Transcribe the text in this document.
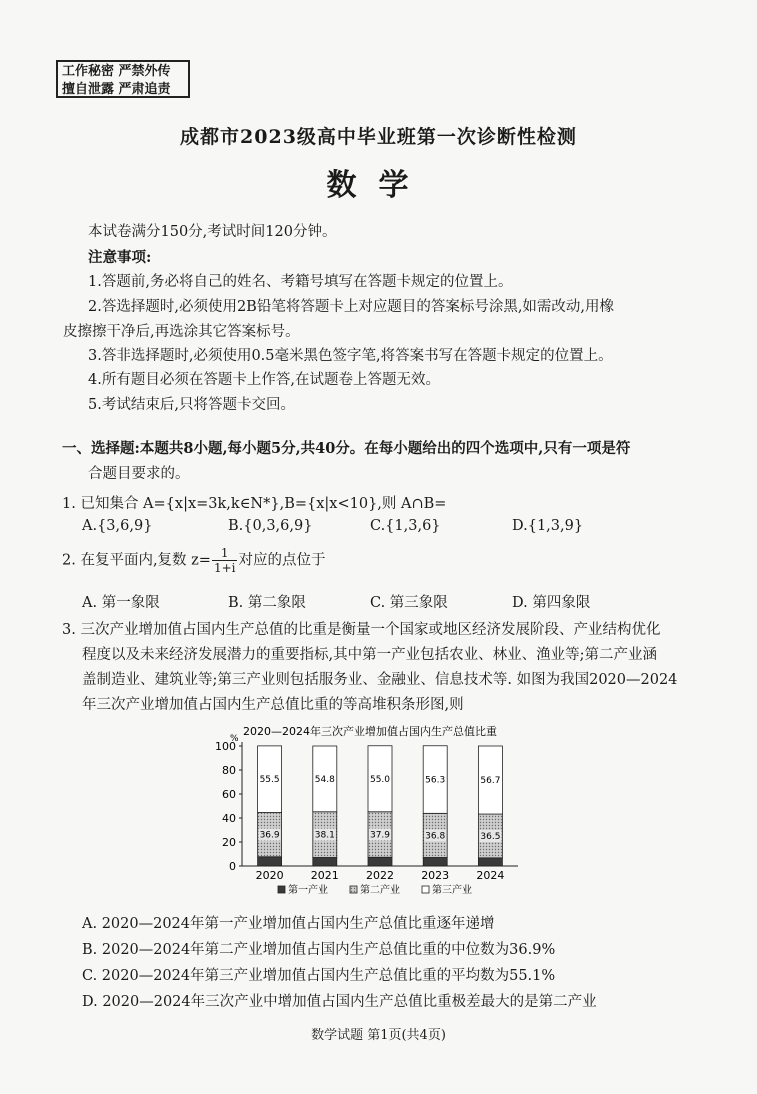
工作秘密 严禁外传
擅自泄露 严肃追责
成都市2023级高中毕业班第一次诊断性检测
数学
本试卷满分150分,考试时间120分钟。
注意事项:
1.答题前,务必将自己的姓名、考籍号填写在答题卡规定的位置上。
2.答选择题时,必须使用2B铅笔将答题卡上对应题目的答案标号涂黑,如需改动,用橡
皮擦擦干净后,再选涂其它答案标号。
3.答非选择题时,必须使用0.5毫米黑色签字笔,将答案书写在答题卡规定的位置上。
4.所有题目必须在答题卡上作答,在试题卷上答题无效。
5.考试结束后,只将答题卡交回。
一、选择题:本题共8小题,每小题5分,共40分。在每小题给出的四个选项中,只有一项是符
合题目要求的。
1. 已知集合 A={x|x=3k,k∈N*},B={x|x<10},则 A∩B=
A.{3,6,9}	B.{0,3,6,9}	C.{1,3,6}	D.{1,3,9}
2. 在复平面内,复数 $z= \frac{1}{1+i}$ 对应的点位于
A. 第一象限	B. 第二象限	C. 第三象限	D. 第四象限
3. 三次产业增加值占国内生产总值的比重是衡量一个国家或地区经济发展阶段、产业结构优化
程度以及未来经济发展潜力的重要指标,其中第一产业包括农业、林业、渔业等;第二产业涵
盖制造业、建筑业等;第三产业则包括服务业、金融业、信息技术等. 如图为我国2020—2024
年三次产业增加值占国内生产总值比重的等高堆积条形图,则
2020—2024年三次产业增加值占国内生产总值比重
%
0
20
40
60
80
100
36.9
55.5
2020
38.1
54.8
2021
37.9
55.0
2022
36.8
56.3
2023
36.5
56.7
2024
第一产业	第二产业	第三产业
A. 2020—2024年第一产业增加值占国内生产总值比重逐年递增
B. 2020—2024年第二产业增加值占国内生产总值比重的中位数为36.9%
C. 2020—2024年第三产业增加值占国内生产总值比重的平均数为55.1%
D. 2020—2024年三次产业中增加值占国内生产总值比重极差最大的是第二产业
数学试题 第1页(共4页)
